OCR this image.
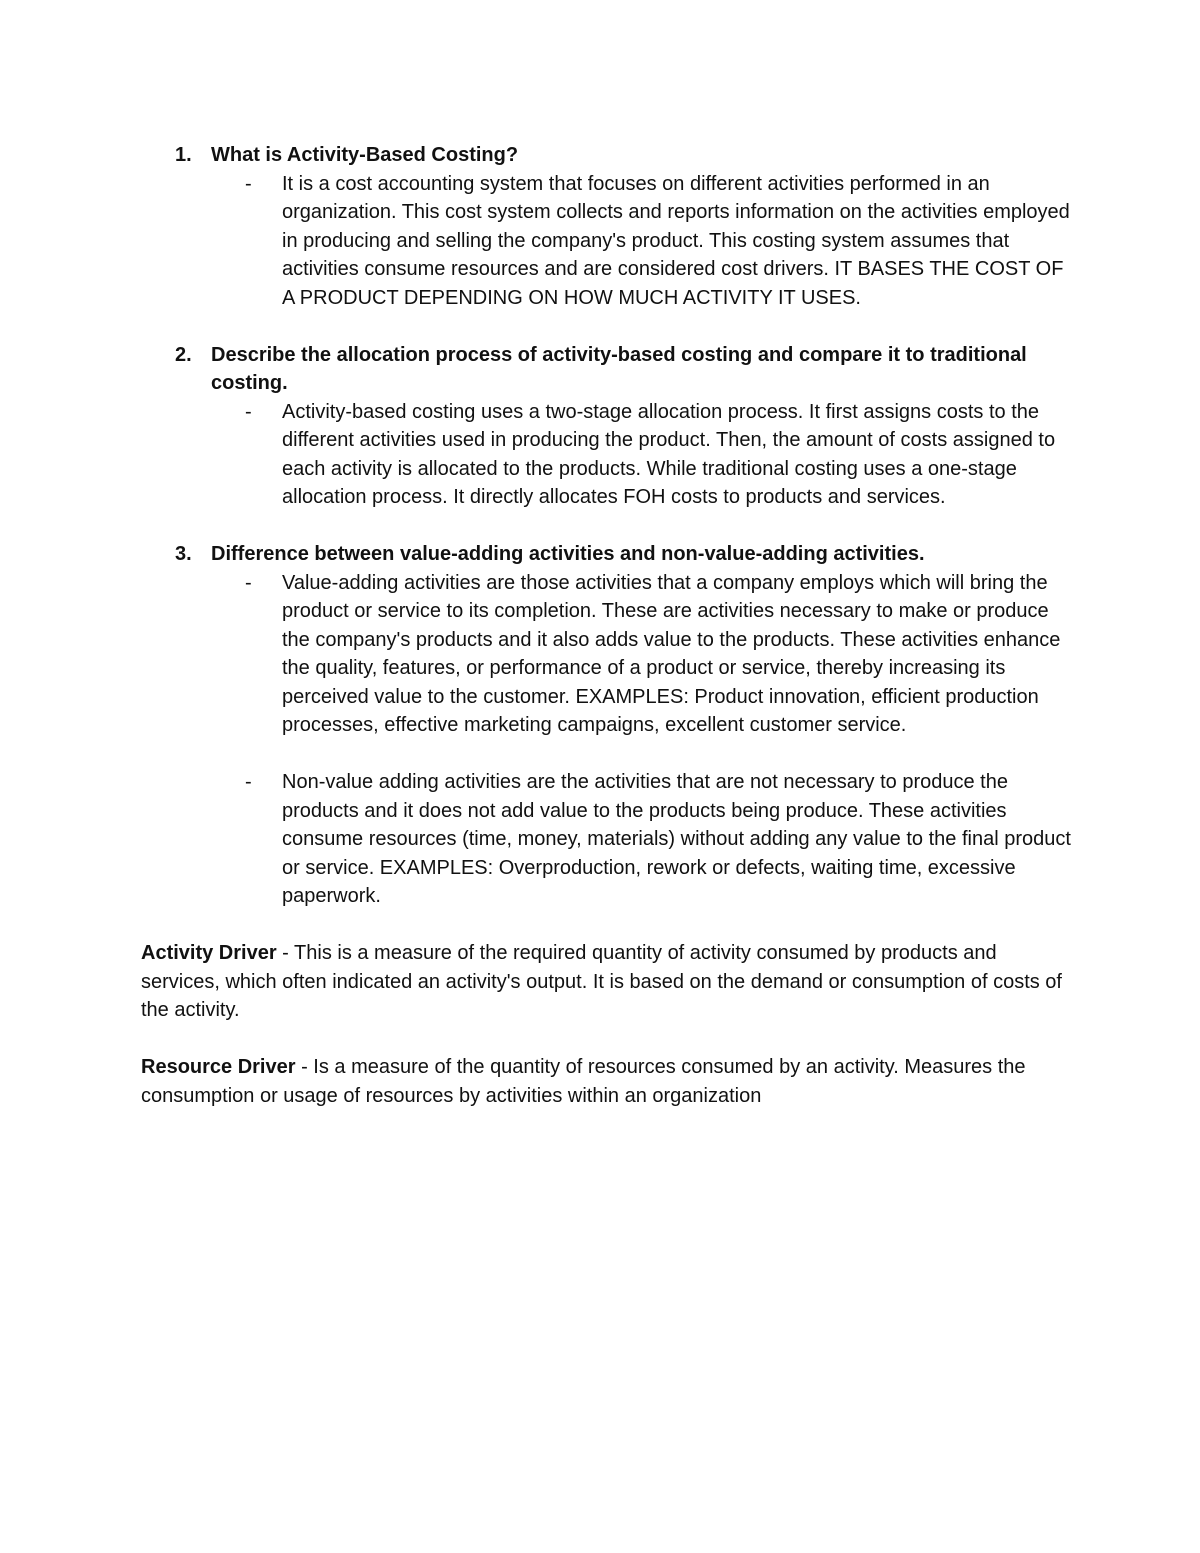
1. What is Activity-Based Costing?
- It is a cost accounting system that focuses on different activities performed in an organization. This cost system collects and reports information on the activities employed in producing and selling the company's product. This costing system assumes that activities consume resources and are considered cost drivers. IT BASES THE COST OF A PRODUCT DEPENDING ON HOW MUCH ACTIVITY IT USES.
2. Describe the allocation process of activity-based costing and compare it to traditional costing.
- Activity-based costing uses a two-stage allocation process. It first assigns costs to the different activities used in producing the product. Then, the amount of costs assigned to each activity is allocated to the products. While traditional costing uses a one-stage allocation process. It directly allocates FOH costs to products and services.
3. Difference between value-adding activities and non-value-adding activities.
- Value-adding activities are those activities that a company employs which will bring the product or service to its completion. These are activities necessary to make or produce the company's products and it also adds value to the products. These activities enhance the quality, features, or performance of a product or service, thereby increasing its perceived value to the customer. EXAMPLES: Product innovation, efficient production processes, effective marketing campaigns, excellent customer service.
- Non-value adding activities are the activities that are not necessary to produce the products and it does not add value to the products being produce. These activities consume resources (time, money, materials) without adding any value to the final product or service. EXAMPLES: Overproduction, rework or defects, waiting time, excessive paperwork.

Activity Driver - This is a measure of the required quantity of activity consumed by products and services, which often indicated an activity's output. It is based on the demand or consumption of costs of the activity.

Resource Driver - Is a measure of the quantity of resources consumed by an activity. Measures the consumption or usage of resources by activities within an organization
